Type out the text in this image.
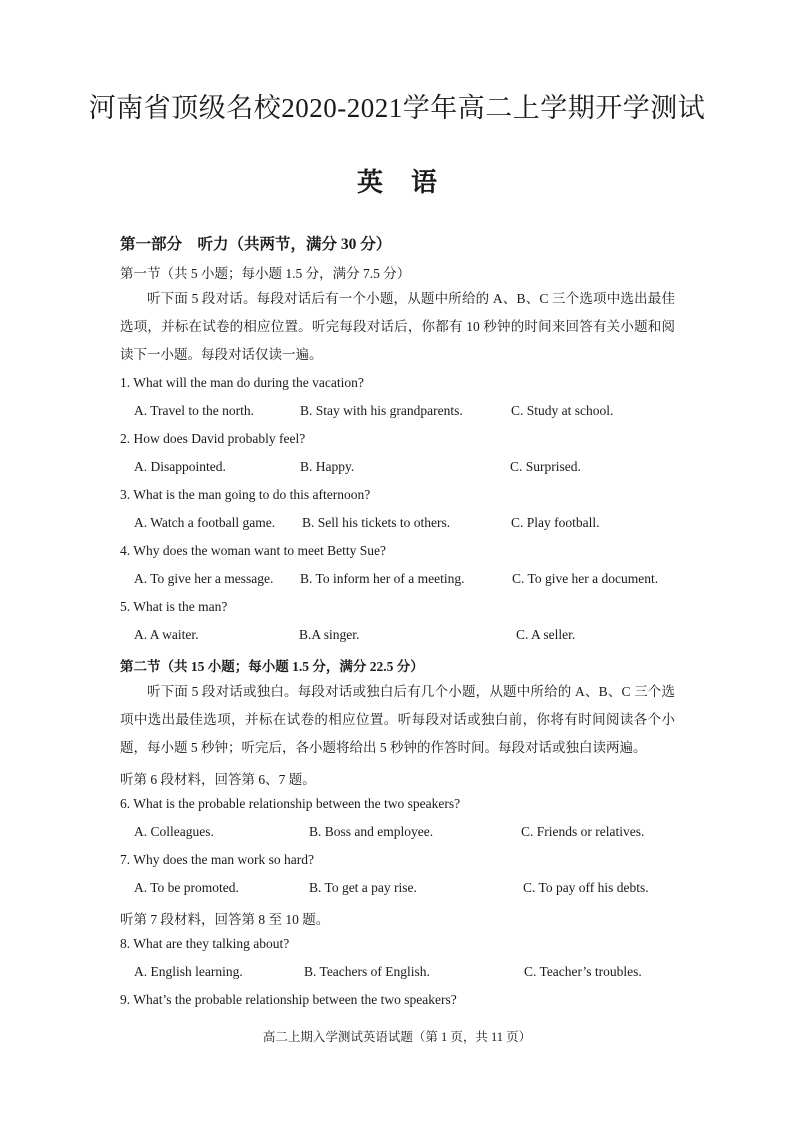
河南省顶级名校2020-2021学年高二上学期开学测试
英语
第一部分　听力（共两节，满分 30 分）
第一节（共 5 小题；每小题 1.5 分，满分 7.5 分）
听下面 5 段对话。每段对话后有一个小题，从题中所给的 A、B、C 三个选项中选出最佳选项，并标在试卷的相应位置。听完每段对话后，你都有 10 秒钟的时间来回答有关小题和阅读下一小题。每段对话仅读一遍。
1. What will the man do during the vacation?
A. Travel to the north.	B. Stay with his grandparents.	C. Study at school.
2. How does David probably feel?
A. Disappointed.	B. Happy.	C. Surprised.
3. What is the man going to do this afternoon?
A. Watch a football game. B. Sell his tickets to others.	C. Play football.
4. Why does the woman want to meet Betty Sue?
A. To give her a message. B. To inform her of a meeting.	C. To give her a document.
5. What is the man?
A. A waiter.	B.A singer.	C. A seller.
第二节（共 15 小题；每小题 1.5 分，满分 22.5 分）
听下面 5 段对话或独白。每段对话或独白后有几个小题，从题中所给的 A、B、C 三个选项中选出最佳选项，并标在试卷的相应位置。听每段对话或独白前，你将有时间阅读各个小题，每小题 5 秒钟；听完后，各小题将给出 5 秒钟的作答时间。每段对话或独白读两遍。
听第 6 段材料，回答第 6、7 题。
6. What is the probable relationship between the two speakers?
A. Colleagues.	B. Boss and employee.	C. Friends or relatives.
7. Why does the man work so hard?
A. To be promoted.	B. To get a pay rise.	C. To pay off his debts.
听第 7 段材料，回答第 8 至 10 题。
8. What are they talking about?
A. English learning.	B. Teachers of English.	C. Teacher’s troubles.
9. What’s the probable relationship between the two speakers?
高二上期入学测试英语试题（第 1 页，共 11 页）
